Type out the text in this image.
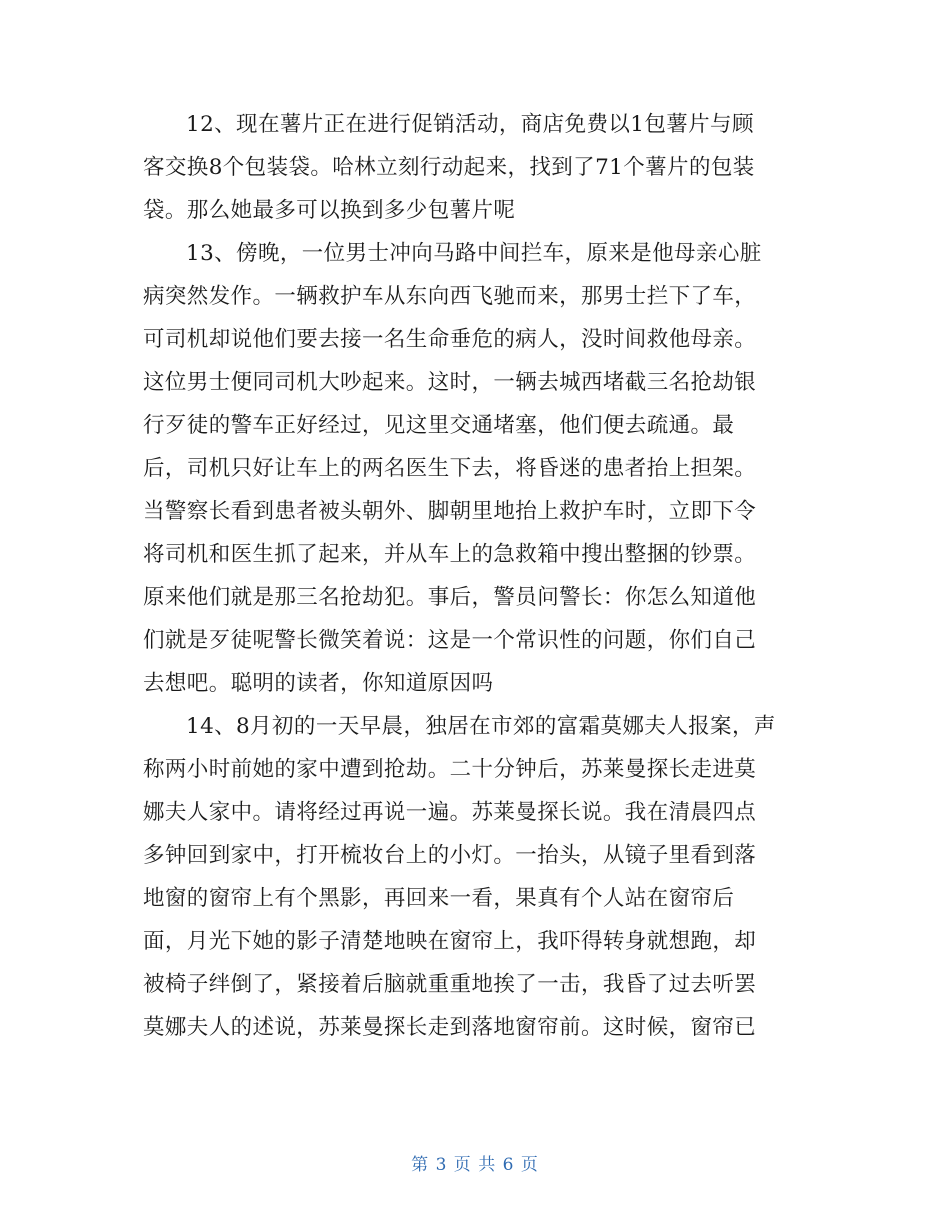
12、现在薯片正在进行促销活动，商店免费以1包薯片与顾
客交换8个包装袋。哈林立刻行动起来，找到了71个薯片的包装
袋。那么她最多可以换到多少包薯片呢
13、傍晚，一位男士冲向马路中间拦车，原来是他母亲心脏
病突然发作。一辆救护车从东向西飞驰而来，那男士拦下了车，
可司机却说他们要去接一名生命垂危的病人，没时间救他母亲。
这位男士便同司机大吵起来。这时，一辆去城西堵截三名抢劫银
行歹徒的警车正好经过，见这里交通堵塞，他们便去疏通。最
后，司机只好让车上的两名医生下去，将昏迷的患者抬上担架。
当警察长看到患者被头朝外、脚朝里地抬上救护车时，立即下令
将司机和医生抓了起来，并从车上的急救箱中搜出整捆的钞票。
原来他们就是那三名抢劫犯。事后，警员问警长：你怎么知道他
们就是歹徒呢警长微笑着说：这是一个常识性的问题，你们自己
去想吧。聪明的读者，你知道原因吗
14、8月初的一天早晨，独居在市郊的富霜莫娜夫人报案，声
称两小时前她的家中遭到抢劫。二十分钟后，苏莱曼探长走进莫
娜夫人家中。请将经过再说一遍。苏莱曼探长说。我在清晨四点
多钟回到家中，打开梳妆台上的小灯。一抬头，从镜子里看到落
地窗的窗帘上有个黑影，再回来一看，果真有个人站在窗帘后
面，月光下她的影子清楚地映在窗帘上，我吓得转身就想跑，却
被椅子绊倒了，紧接着后脑就重重地挨了一击，我昏了过去听罢
莫娜夫人的述说，苏莱曼探长走到落地窗帘前。这时候，窗帘已
第 3 页 共 6 页
